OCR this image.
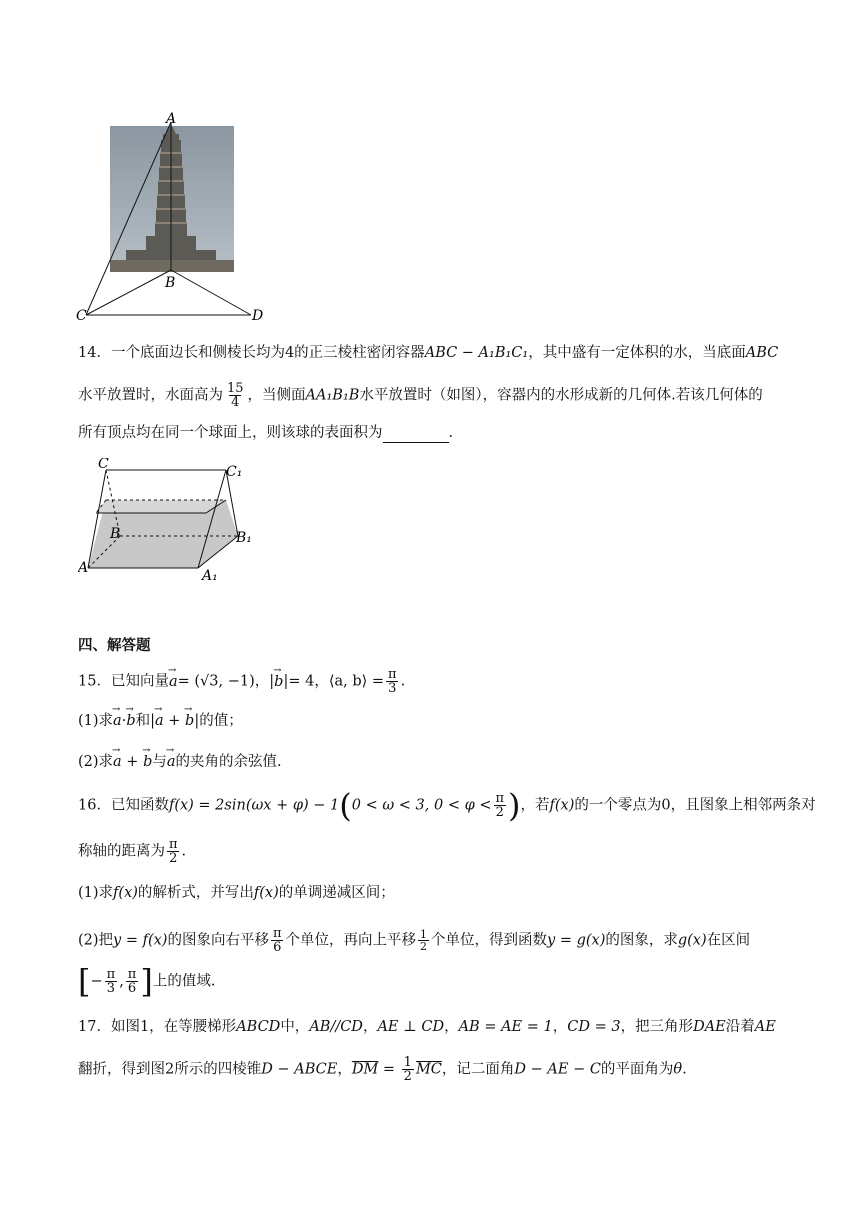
A
B
C	D
14．一个底面边长和侧棱长均为4的正三棱柱密闭容器ABC − A₁B₁C₁，其中盛有一定体积的水，当底面ABC
水平放置时，水面高为 $\frac{15}{4}$ ，当侧面AA₁B₁B水平放置时（如图），容器内的水形成新的几何体.若该几何体的
所有顶点均在同一个球面上，则该球的表面积为	.
C	C₁
B	B₁
A	A₁
四、解答题
15．已知向量→ a= (√3, −1)，|→ b|= 4，⟨a, b⟩ = $\frac{\pi}{3}$ .
(1)求→ a·→ b和|→ a + → b|的值；
(2)求→ a + → b与→ a的夹角的余弦值.
16．已知函数f(x) = 2sin(ωx + φ) − 1(0 < ω < 3, $0 < \varphi < \frac{\pi}{2}$ )，若f(x)的一个零点为0，且图象上相邻两条对
称轴的距离为 $\frac{\pi}{2}$ .
(1)求f(x)的解析式，并写出f(x)的单调递减区间；
(2)把y = f(x)的图象向右平移 $\frac{\pi}{6}$ 个单位，再向上平移 $\frac{1}{2}$ 个单位，得到函数y = g(x)的图象，求g(x)在区间
[− $\frac{\pi}{3}$ , $\frac{\pi}{6}$ ]上的值域.
17．如图1，在等腰梯形ABCD中，AB//CD，AE ⊥ CD，AB = AE = 1，CD = 3，把三角形DAE沿着AE
翻折，得到图2所示的四棱锥D − ABCE，$\overline{DM} = \frac{1}{2} \overline{MC}$，记二面角D − AE − C的平面角为θ.
